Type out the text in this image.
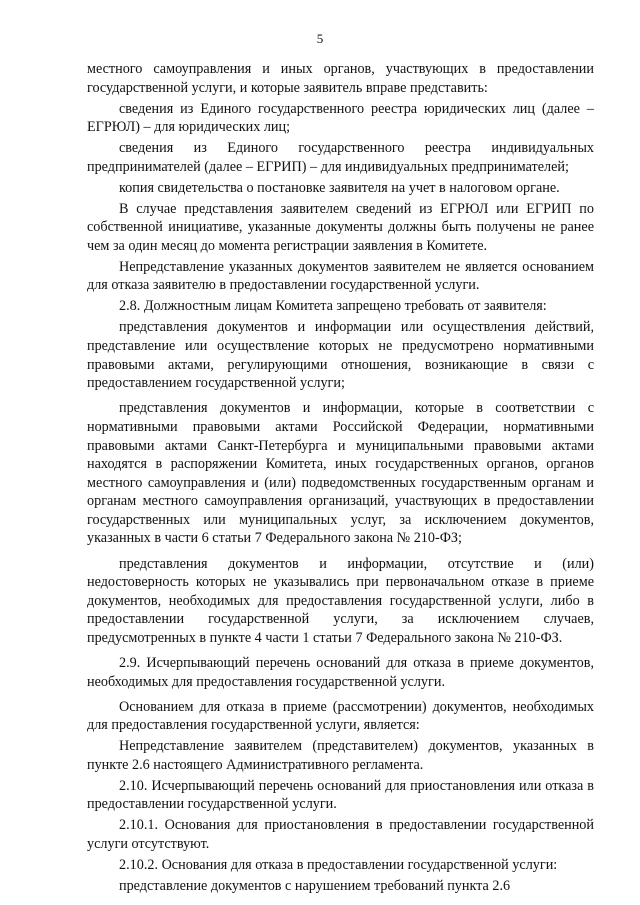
5

местного самоуправления и иных органов, участвующих в предоставлении государственной услуги, и которые заявитель вправе представить:

сведения из Единого государственного реестра юридических лиц (далее – ЕГРЮЛ) – для юридических лиц;

сведения из Единого государственного реестра индивидуальных предпринимателей (далее – ЕГРИП) – для индивидуальных предпринимателей;

копия свидетельства о постановке заявителя на учет в налоговом органе.

В случае представления заявителем сведений из ЕГРЮЛ или ЕГРИП по собственной инициативе, указанные документы должны быть получены не ранее чем за один месяц до момента регистрации заявления в Комитете.

Непредставление указанных документов заявителем не является основанием для отказа заявителю в предоставлении государственной услуги.

2.8. Должностным лицам Комитета запрещено требовать от заявителя:

представления документов и информации или осуществления действий, представление или осуществление которых не предусмотрено нормативными правовыми актами, регулирующими отношения, возникающие в связи с предоставлением государственной услуги;

представления документов и информации, которые в соответствии с нормативными правовыми актами Российской Федерации, нормативными правовыми актами Санкт-Петербурга и муниципальными правовыми актами находятся в распоряжении Комитета, иных государственных органов, органов местного самоуправления и (или) подведомственных государственным органам и органам местного самоуправления организаций, участвующих в предоставлении государственных или муниципальных услуг, за исключением документов, указанных в части 6 статьи 7 Федерального закона № 210-ФЗ;

представления документов и информации, отсутствие и (или) недостоверность которых не указывались при первоначальном отказе в приеме документов, необходимых для предоставления государственной услуги, либо в предоставлении государственной услуги, за исключением случаев, предусмотренных в пункте 4 части 1 статьи 7 Федерального закона № 210-ФЗ.

2.9. Исчерпывающий перечень оснований для отказа в приеме документов, необходимых для предоставления государственной услуги.

Основанием для отказа в приеме (рассмотрении) документов, необходимых для предоставления государственной услуги, является:

Непредставление заявителем (представителем) документов, указанных в пункте 2.6 настоящего Административного регламента.

2.10. Исчерпывающий перечень оснований для приостановления или отказа в предоставлении государственной услуги.

2.10.1. Основания для приостановления в предоставлении государственной услуги отсутствуют.

2.10.2. Основания для отказа в предоставлении государственной услуги:

представление документов с нарушением требований пункта 2.6
